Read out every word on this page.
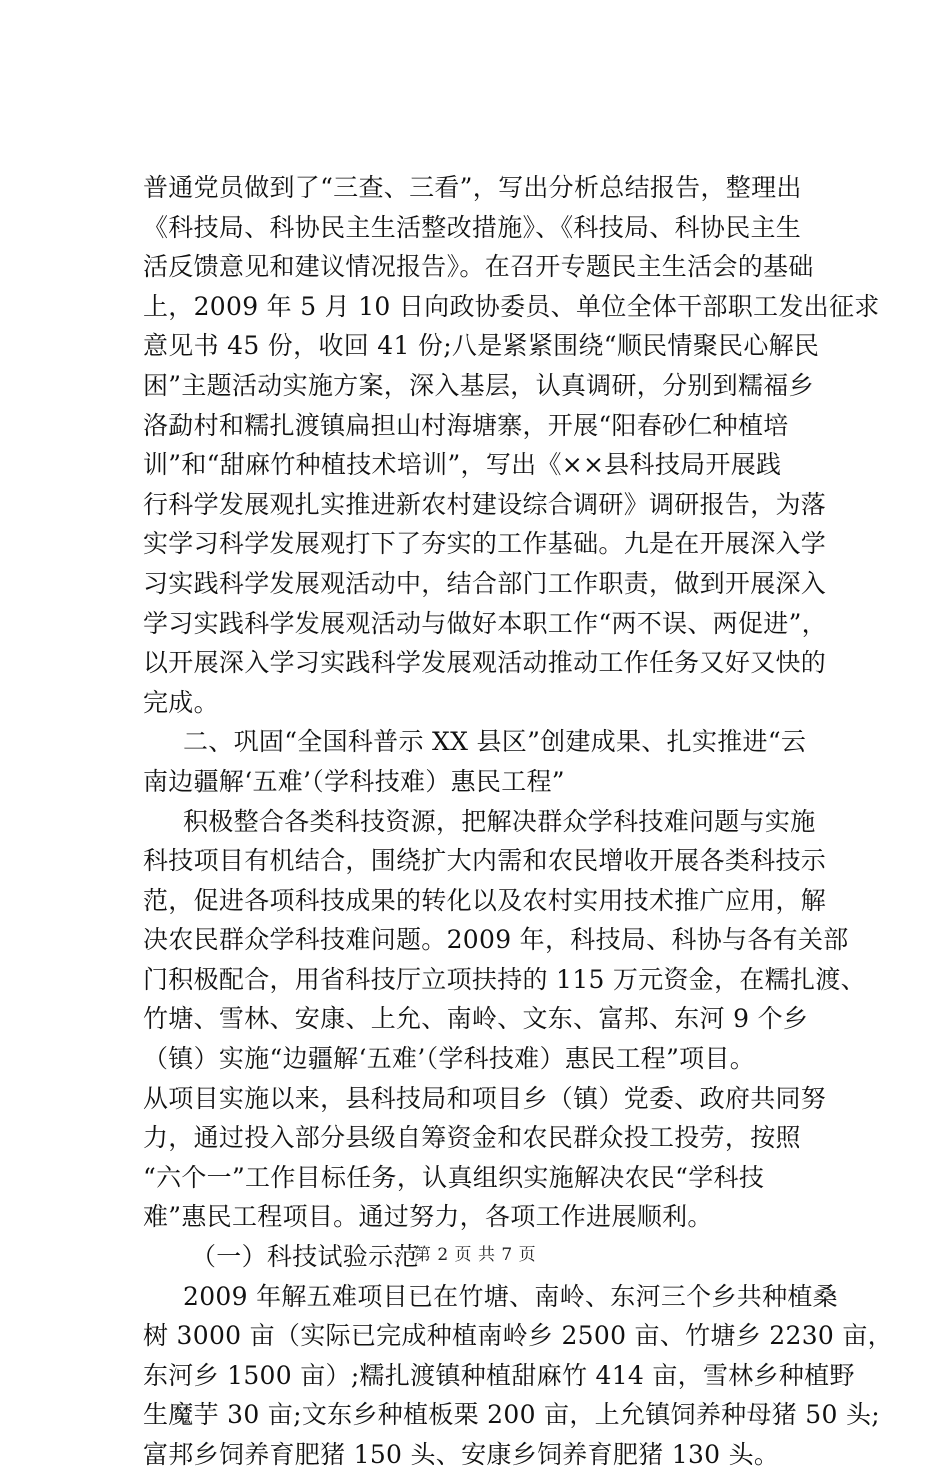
普通党员做到了“三查、三看”，写出分析总结报告，整理出
《科技局、科协民主生活整改措施》、《科技局、科协民主生
活反馈意见和建议情况报告》。在召开专题民主生活会的基础
上，2009 年 5 月 10 日向政协委员、单位全体干部职工发出征求
意见书 45 份，收回 41 份;八是紧紧围绕“顺民情聚民心解民
困”主题活动实施方案，深入基层，认真调研，分别到糯福乡
洛勐村和糯扎渡镇扁担山村海塘寨，开展“阳春砂仁种植培
训”和“甜麻竹种植技术培训”，写出《××县科技局开展践
行科学发展观扎实推进新农村建设综合调研》调研报告，为落
实学习科学发展观打下了夯实的工作基础。九是在开展深入学
习实践科学发展观活动中，结合部门工作职责，做到开展深入
学习实践科学发展观活动与做好本职工作“两不误、两促进”，
以开展深入学习实践科学发展观活动推动工作任务又好又快的
完成。
二、巩固“全国科普示 XX 县区”创建成果、扎实推进“云
南边疆解‘五难’（学科技难）惠民工程”
积极整合各类科技资源，把解决群众学科技难问题与实施
科技项目有机结合，围绕扩大内需和农民增收开展各类科技示
范，促进各项科技成果的转化以及农村实用技术推广应用，解
决农民群众学科技难问题。2009 年，科技局、科协与各有关部
门积极配合，用省科技厅立项扶持的 115 万元资金，在糯扎渡、
竹塘、雪林、安康、上允、南岭、文东、富邦、东河 9 个乡
（镇）实施“边疆解‘五难’（学科技难）惠民工程”项目。
从项目实施以来，县科技局和项目乡（镇）党委、政府共同努
力，通过投入部分县级自筹资金和农民群众投工投劳，按照
“六个一”工作目标任务，认真组织实施解决农民“学科技
难”惠民工程项目。通过努力，各项工作进展顺利。
（一）科技试验示范
2009 年解五难项目已在竹塘、南岭、东河三个乡共种植桑
树 3000 亩（实际已完成种植南岭乡 2500 亩、竹塘乡 2230 亩，
东河乡 1500 亩）;糯扎渡镇种植甜麻竹 414 亩，雪林乡种植野
生魔芋 30 亩;文东乡种植板栗 200 亩，上允镇饲养种母猪 50 头;
富邦乡饲养育肥猪 150 头、安康乡饲养育肥猪 130 头。
第 2 页 共 7 页
